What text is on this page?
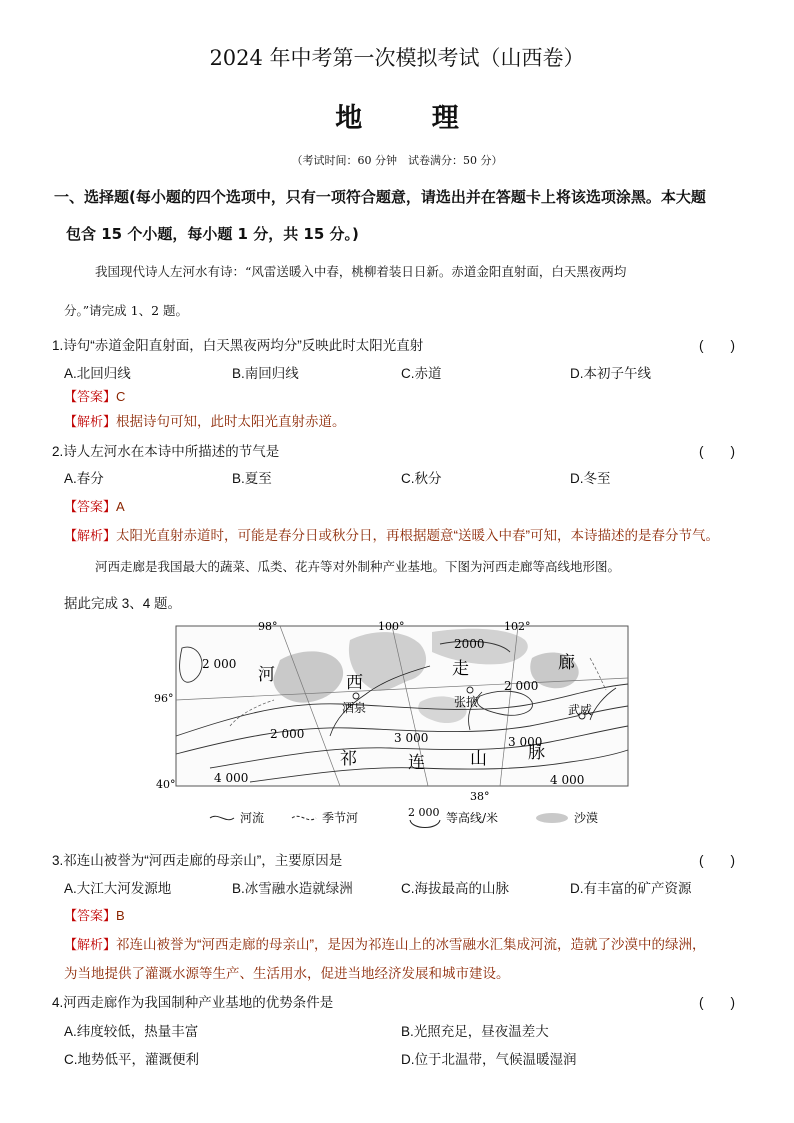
2024 年中考第一次模拟考试（山西卷）
地 理
（考试时间：60 分钟　试卷满分：50 分）
一、选择题(每小题的四个选项中，只有一项符合题意，请选出并在答题卡上将该选项涂黑。本大题
包含 15 个小题，每小题 1 分，共 15 分。)
我国现代诗人左河水有诗：“风雷送暖入中春，桃柳着装日日新。赤道金阳直射面，白天黑夜两均
分。”请完成 1、2 题。
1.诗句“赤道金阳直射面，白天黑夜两均分”反映此时太阳光直射	(　　)
A.北回归线	B.南回归线	C.赤道	D.本初子午线
【答案】C
【解析】根据诗句可知，此时太阳光直射赤道。
2.诗人左河水在本诗中所描述的节气是	(　　)
A.春分	B.夏至	C.秋分	D.冬至
【答案】A
【解析】太阳光直射赤道时，可能是春分日或秋分日，再根据题意“送暖入中春”可知，本诗描述的是春分节气。
河西走廊是我国最大的蔬菜、瓜类、花卉等对外制种产业基地。下图为河西走廊等高线地形图。
据此完成 3、4 题。
98°	100°	102°
96°
40°
38°
河	西
走	廊
祁	连	山 脉
酒泉	张掖
武威
2 000
2000
2 000
2 000	3 000	3 000
4 000	4 000
河流	季节河	2 000 等高线/米	沙漠
3.祁连山被誉为“河西走廊的母亲山”，主要原因是	(　　)
A.大江大河发源地	B.冰雪融水造就绿洲	C.海拔最高的山脉	D.有丰富的矿产资源
【答案】B
【解析】祁连山被誉为“河西走廊的母亲山”，是因为祁连山上的冰雪融水汇集成河流，造就了沙漠中的绿洲，
为当地提供了灌溉水源等生产、生活用水，促进当地经济发展和城市建设。
4.河西走廊作为我国制种产业基地的优势条件是	(　　)
A.纬度较低，热量丰富	B.光照充足，昼夜温差大
C.地势低平，灌溉便利	D.位于北温带，气候温暖湿润
